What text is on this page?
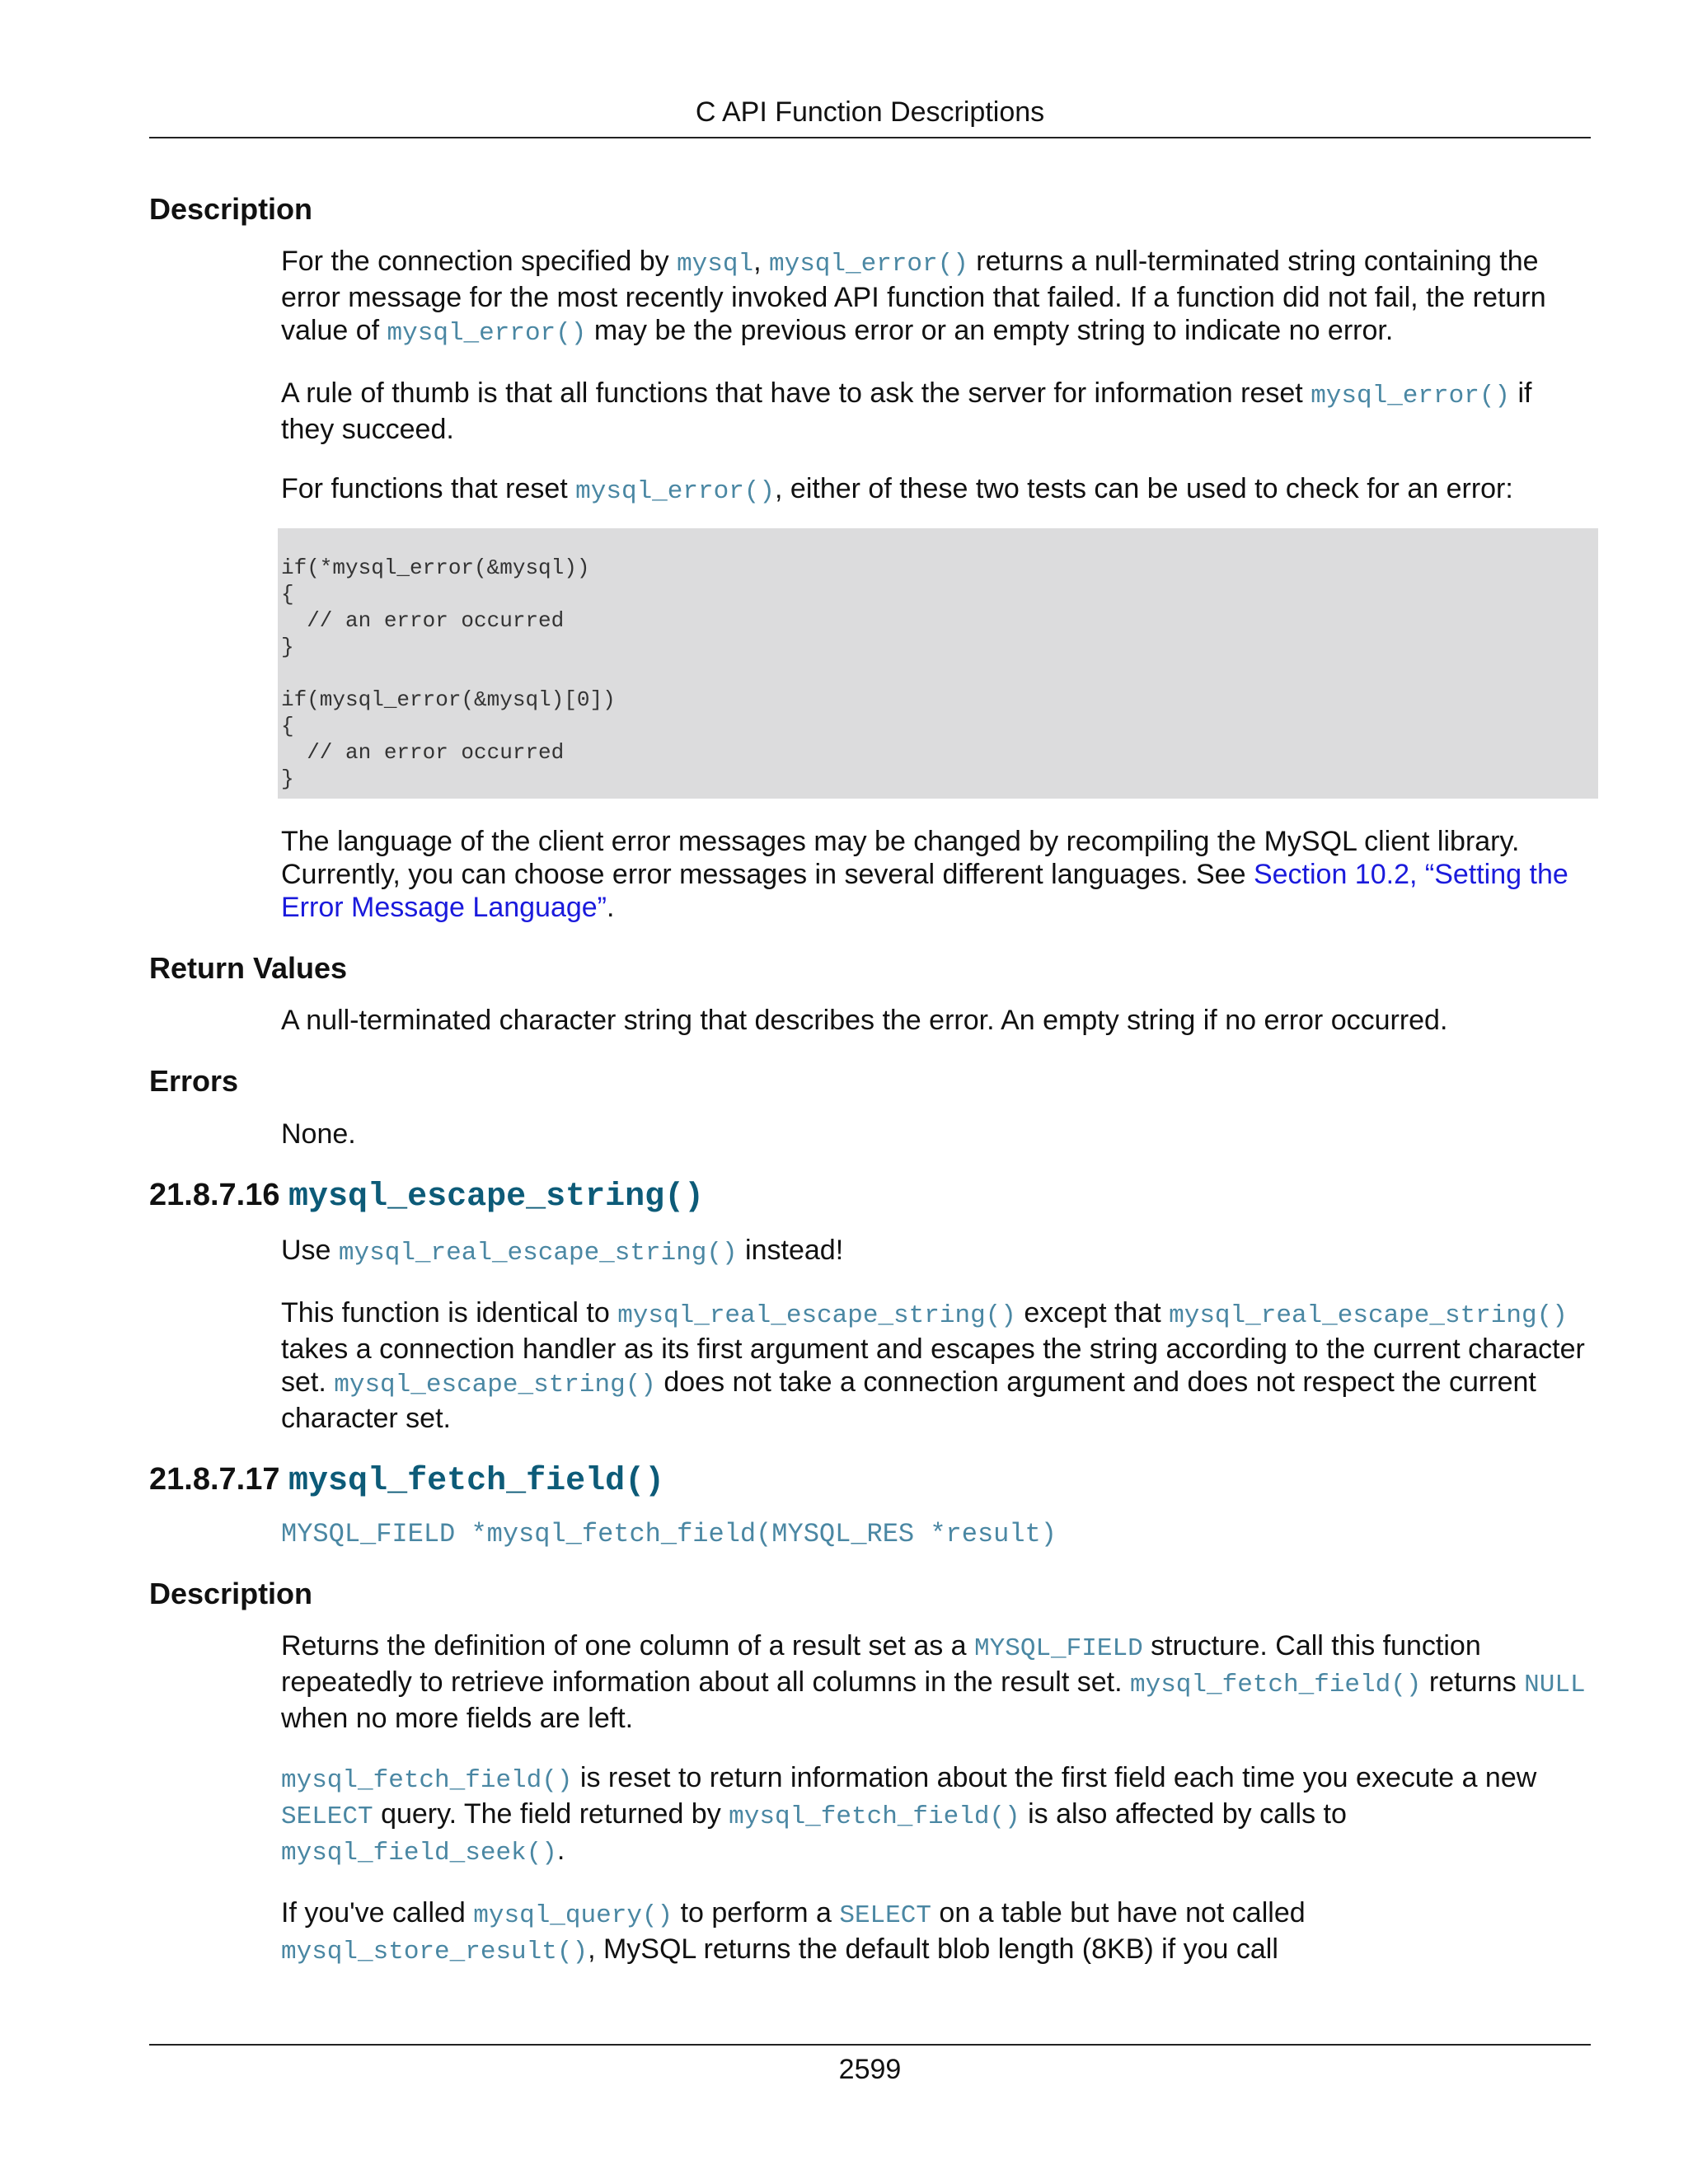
C API Function Descriptions
Description

For the connection specified by mysql, mysql_error() returns a null-terminated string containing the error message for the most recently invoked API function that failed. If a function did not fail, the return value of mysql_error() may be the previous error or an empty string to indicate no error.

A rule of thumb is that all functions that have to ask the server for information reset mysql_error() if they succeed.

For functions that reset mysql_error(), either of these two tests can be used to check for an error:

if(*mysql_error(&mysql))
{
// an error occurred
}

if(mysql_error(&mysql)[0])
{
// an error occurred
}

The language of the client error messages may be changed by recompiling the MySQL client library. Currently, you can choose error messages in several different languages. See Section 10.2, “Setting the Error Message Language”.

Return Values

A null-terminated character string that describes the error. An empty string if no error occurred.

Errors

None.

21.8.7.16 mysql_escape_string()

Use mysql_real_escape_string() instead!

This function is identical to mysql_real_escape_string() except that mysql_real_escape_string() takes a connection handler as its first argument and escapes the string according to the current character set. mysql_escape_string() does not take a connection argument and does not respect the current character set.

21.8.7.17 mysql_fetch_field()
MYSQL_FIELD *mysql_fetch_field(MYSQL_RES *result)
Description

Returns the definition of one column of a result set as a MYSQL_FIELD structure. Call this function repeatedly to retrieve information about all columns in the result set. mysql_fetch_field() returns NULL when no more fields are left.

mysql_fetch_field() is reset to return information about the first field each time you execute a new SELECT query. The field returned by mysql_fetch_field() is also affected by calls to mysql_field_seek().

If you've called mysql_query() to perform a SELECT on a table but have not called mysql_store_result(), MySQL returns the default blob length (8KB) if you call

2599
